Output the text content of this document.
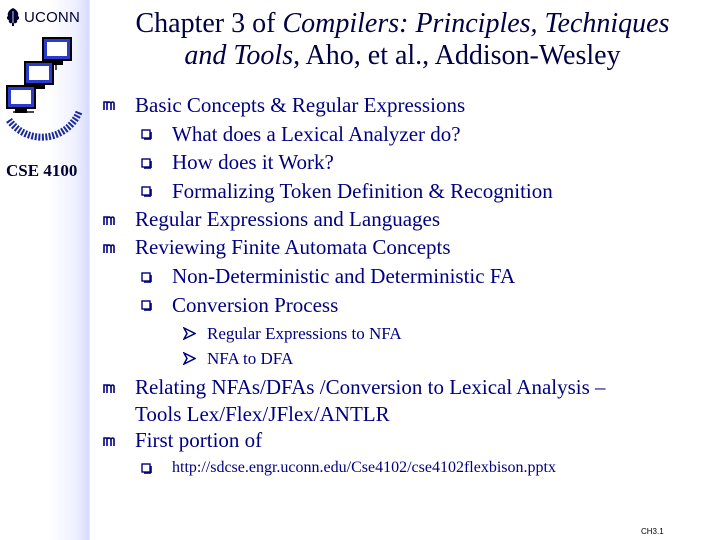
UCONN
CSE 4100
Chapter 3 of Compilers: Principles, Techniques
and Tools, Aho, et al., Addison-Wesley
Basic Concepts & Regular Expressions
What does a Lexical Analyzer do?
How does it Work?
Formalizing Token Definition & Recognition
Regular Expressions and Languages
Reviewing Finite Automata Concepts
Non-Deterministic and Deterministic FA
Conversion Process
Regular Expressions to NFA
NFA to DFA
Relating NFAs/DFAs /Conversion to Lexical Analysis –
Tools Lex/Flex/JFlex/ANTLR
First portion of
http://sdcse.engr.uconn.edu/Cse4102/cse4102flexbison.pptx
CH3.1
